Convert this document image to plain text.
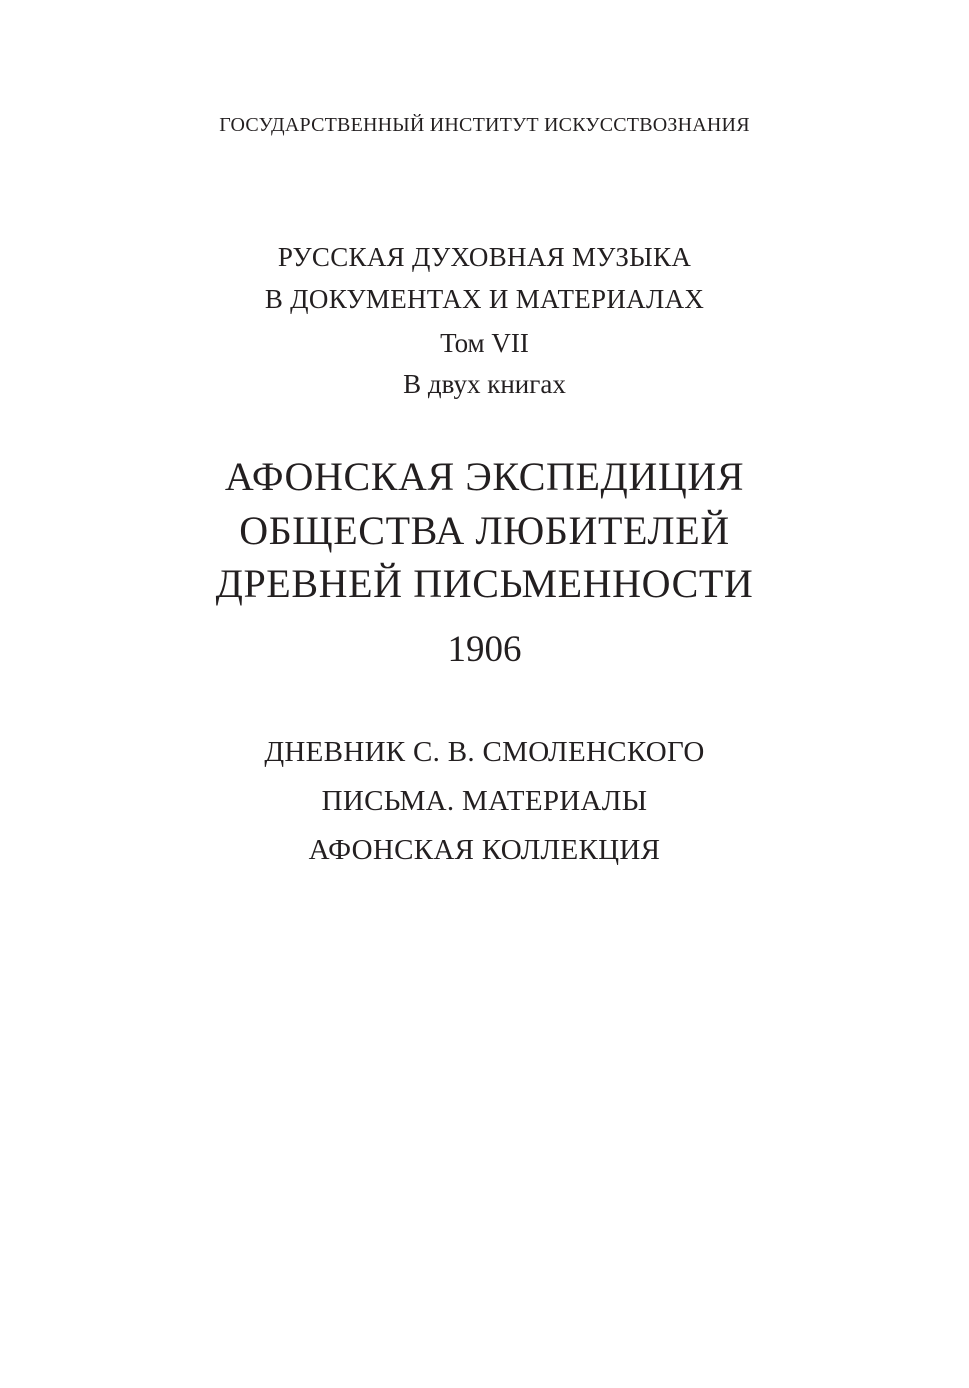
ГОСУДАРСТВЕННЫЙ ИНСТИТУТ ИСКУССТВОЗНАНИЯ
РУССКАЯ ДУХОВНАЯ МУЗЫКА
В ДОКУМЕНТАХ И МАТЕРИАЛАХ
Том VII
В двух книгах
АФОНСКАЯ ЭКСПЕДИЦИЯ
ОБЩЕСТВА ЛЮБИТЕЛЕЙ
ДРЕВНЕЙ ПИСЬМЕННОСТИ
1906
ДНЕВНИК С. В. СМОЛЕНСКОГО
ПИСЬМА. МАТЕРИАЛЫ
АФОНСКАЯ КОЛЛЕКЦИЯ
